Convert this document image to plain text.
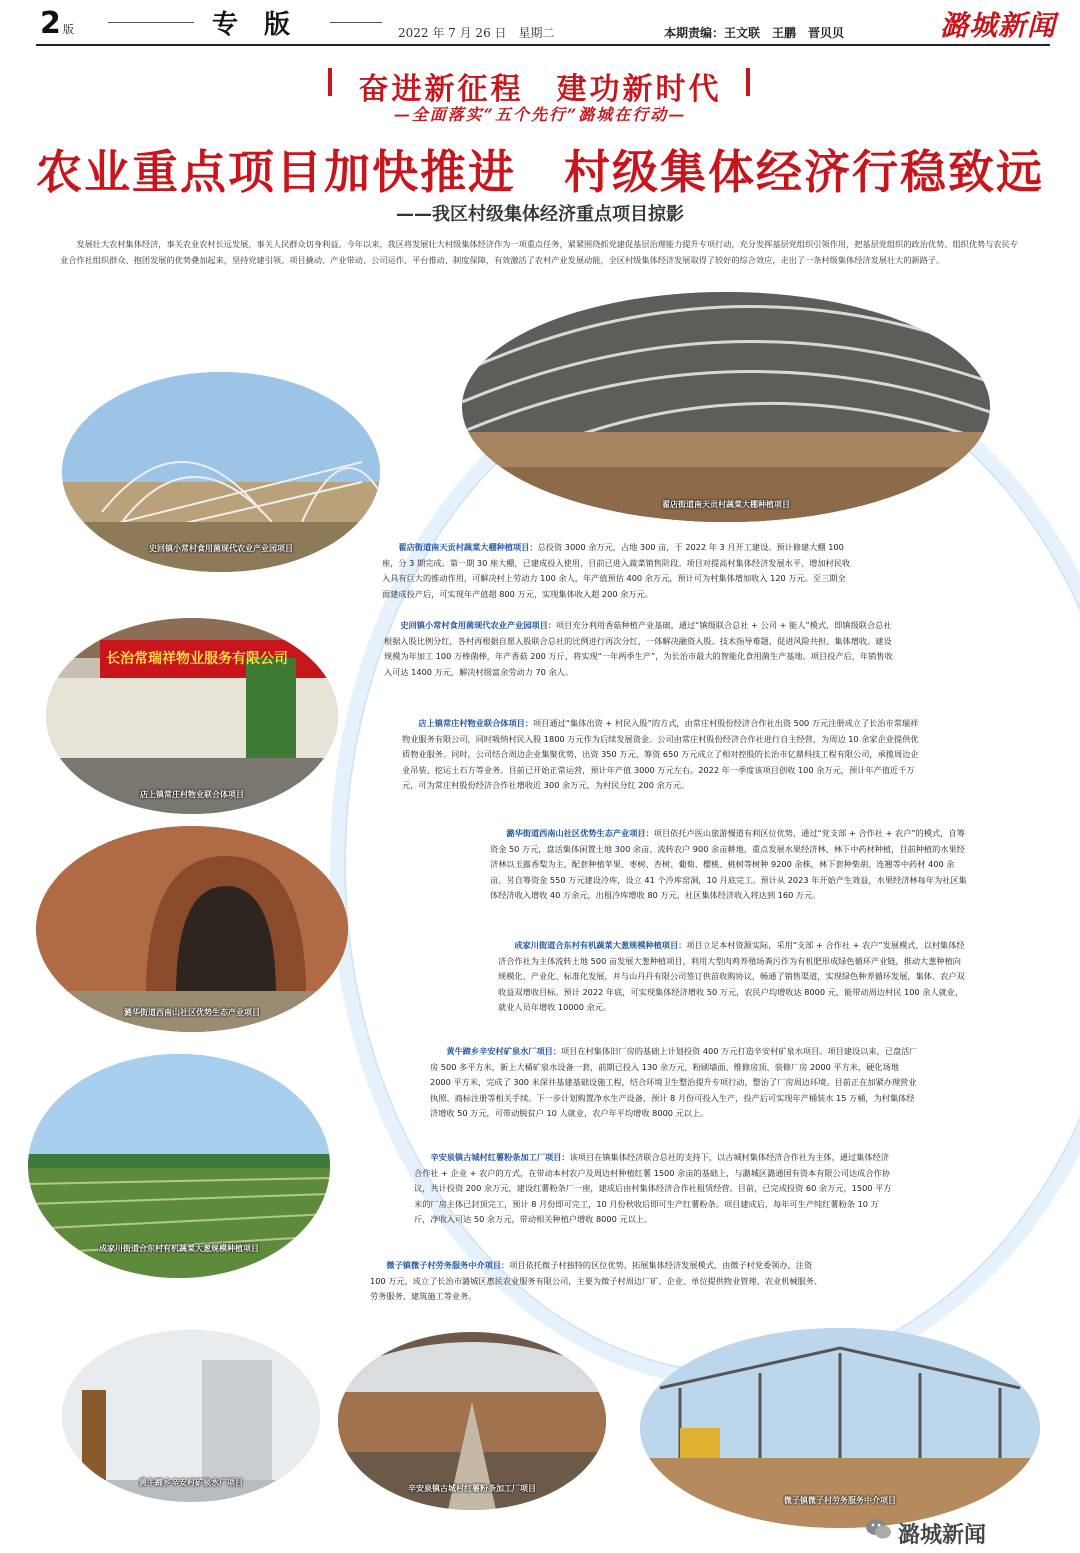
2 版	专版	2022 年 7 月 26 日　星期二	本期责编：王文联　王鹏　晋贝贝	潞城新闻
奋进新征程　建功新时代
—全面落实“五个先行”潞城在行动—
农业重点项目加快推进　村级集体经济行稳致远
——我区村级集体经济重点项目掠影
发展壮大农村集体经济，事关农业农村长远发展，事关人民群众切身利益。今年以来，我区将发展壮大村级集体经济作为一项重点任务，紧紧围绕抓党建促基层治理能力提升专项行动，充分发挥基层党组织引领作用，把基层党组织的政治优势、组织优势与农民专业合作社组织群众、抱团发展的优势叠加起来，坚持党建引领、项目撬动、产业带动、公司运作、平台推动、制度保障，有效激活了农村产业发展动能，全区村级集体经济发展取得了较好的综合效应，走出了一条村级集体经济发展壮大的新路子。
史回镇小常村食用菌现代农业产业园项目
翟店街道南天贡村蔬菜大棚种植项目
长治常瑞祥物业服务有限公司
店上镇常庄村物业联合体项目
潞华街道西南山社区优势生态产业项目
成家川街道合东村有机蔬菜大葱规模种植项目
黄牛蹄乡辛安村矿泉水厂项目
辛安泉镇古城村红薯粉条加工厂项目
微子镇微子村劳务服务中介项目
翟店街道南天贡村蔬菜大棚种植项目：总投资 3000 余万元，占地 300 亩，于 2022 年 3 月开工建设。预计修建大棚 100 座，分 3 期完成。第一期 30 座大棚，已建成投入使用，目前已进入蔬菜销售阶段。项目对提高村集体经济发展水平、增加村民收入具有巨大的推动作用，可解决村上劳动力 100 余人，年产值预估 400 余万元，预计可为村集体增加收入 120 万元。至三期全面建成投产后，可实现年产值超 800 万元，实现集体收入超 200 余万元。
史回镇小常村食用菌现代农业产业园项目：项目充分利用香菇种植产业基础，通过“镇级联合总社 + 公司 + 能人”模式，即镇级联合总社根据入股比例分红，各村再根据自愿入股联合总社的比例进行再次分红，一体解决融资入股、技术指导难题，促进风险共担、集体增收。建设规模为年加工 100 万棒菌棒，年产香菇 200 万斤，将实现“一年两季生产”，为长治市最大的智能化食用菌生产基地。项目投产后，年销售收入可达 1400 万元，解决村级富余劳动力 70 余人。
店上镇常庄村物业联合体项目：项目通过“集体出资 + 村民入股”的方式，由常庄村股份经济合作社出资 500 万元注册成立了长治市常瑞祥物业服务有限公司，同时吸纳村民入股 1800 万元作为后续发展资金。公司由常庄村股份经济合作社进行自主经营，为周边 10 余家企业提供优质物业服务。同时，公司结合周边企业集聚优势，出资 350 万元、筹资 650 万元成立了相对控股的长治市亿鼎科技工程有限公司，承揽周边企业吊装、挖运土石方等业务。目前已开始正常运营，预计年产值 3000 万元左右。2022 年一季度该项目创收 100 余万元，预计年产值近千万元，可为常庄村股份经济合作社增收近 300 余万元，为村民分红 200 余万元。
潞华街道西南山社区优势生态产业项目：项目依托卢医山旅游慢道有利区位优势，通过“党支部 + 合作社 + 农户”的模式，自筹资金 50 万元，盘活集体闲置土地 300 余亩、流转农户 900 余亩耕地，重点发展水果经济林、林下中药材种植，目前种植的水果经济林以玉露香梨为主，配套种植苹果、枣树、杏树、葡萄、樱桃、桃树等树种 9200 余株，林下套种柴胡、连翘等中药材 400 余亩。另自筹资金 550 万元建设冷库，设立 41 个冷库窑洞，10 月底完工。预计从 2023 年开始产生效益，水果经济林每年为社区集体经济收入增收 40 万余元，出租冷库增收 80 万元，社区集体经济收入将达到 160 万元。
成家川街道合东村有机蔬菜大葱规模种植项目：项目立足本村资源实际，采用“支部 + 合作社 + 农户”发展模式，以村集体经济合作社为主体流转土地 500 亩发展大葱种植项目，利用大型肉鸡养殖场粪污作为有机肥形成绿色循环产业链，推动大葱种植向规模化、产业化、标准化发展，并与山丹丹有限公司签订供苗收购协议，畅通了销售渠道，实现绿色种养循环发展，集体、农户双收益双增收目标。预计 2022 年底，可实现集体经济增收 50 万元，农民户均增收达 8000 元，能带动周边村民 100 余人就业，就业人员年增收 10000 余元。
黄牛蹄乡辛安村矿泉水厂项目：项目在村集体旧厂房的基础上计划投资 400 万元打造辛安村矿泉水项目。项目建设以来，已盘活厂房 500 多平方米，新上大桶矿泉水设备一套，前期已投入 130 余万元，粉刷墙面、维修房顶、装修厂房 2000 平方米，硬化场地 2000 平方米，完成了 300 米深井基建基础设施工程，结合环境卫生整治提升专项行动，整治了厂房周边环境。目前正在加紧办理营业执照、商标注册等相关手续。下一步计划购置净水生产设备，预计 8 月份可投入生产，投产后可实现年产桶装水 15 万桶，为村集体经济增收 50 万元，可带动脱贫户 10 人就业，农户年平均增收 8000 元以上。
辛安泉镇古城村红薯粉条加工厂项目：该项目在镇集体经济联合总社的支持下，以古城村集体经济合作社为主体，通过集体经济合作社 + 企业 + 农户的方式，在带动本村农户及周边村种植红薯 1500 余亩的基础上，与潞城区潞通国有资本有限公司达成合作协议，共计投资 200 余万元，建设红薯粉条厂一座，建成后由村集体经济合作社租赁经营。目前，已完成投资 60 余万元，1500 平方米的厂房主体已封顶完工，预计 8 月份即可完工，10 月份秋收后即可生产红薯粉条。项目建成后，每年可生产纯红薯粉条 10 万斤，净收入可达 50 余万元，带动相关种植户增收 8000 元以上。
微子镇微子村劳务服务中介项目：项目依托微子村独特的区位优势，拓展集体经济发展模式，由微子村党委领办，注资 100 万元，成立了长治市潞城区惠民农业服务有限公司，主要为微子村周边厂矿、企业、单位提供物业管理、农业机械服务、劳务服务、建筑施工等业务。
潞城新闻
